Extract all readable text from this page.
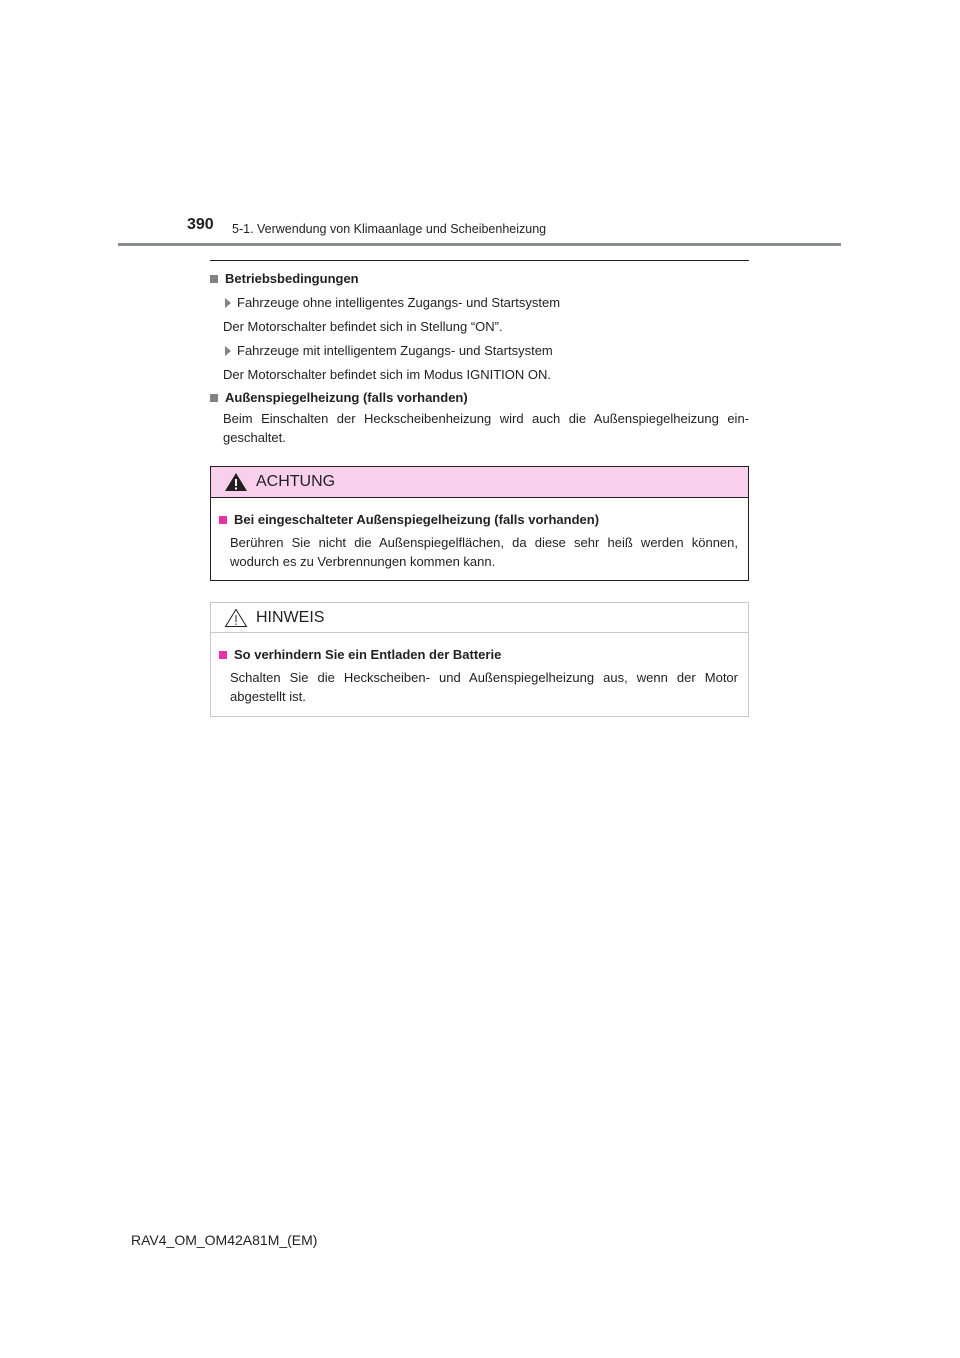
390 5-1. Verwendung von Klimaanlage und Scheibenheizung
Betriebsbedingungen
Fahrzeuge ohne intelligentes Zugangs- und Startsystem
Der Motorschalter befindet sich in Stellung “ON”.
Fahrzeuge mit intelligentem Zugangs- und Startsystem
Der Motorschalter befindet sich im Modus IGNITION ON.
Außenspiegelheizung (falls vorhanden)
Beim Einschalten der Heckscheibenheizung wird auch die Außenspiegelheizung ein-geschaltet.
ACHTUNG
Bei eingeschalteter Außenspiegelheizung (falls vorhanden)
Berühren Sie nicht die Außenspiegelflächen, da diese sehr heiß werden können, wodurch es zu Verbrennungen kommen kann.
HINWEIS
So verhindern Sie ein Entladen der Batterie
Schalten Sie die Heckscheiben- und Außenspiegelheizung aus, wenn der Motor abgestellt ist.
RAV4_OM_OM42A81M_(EM)
